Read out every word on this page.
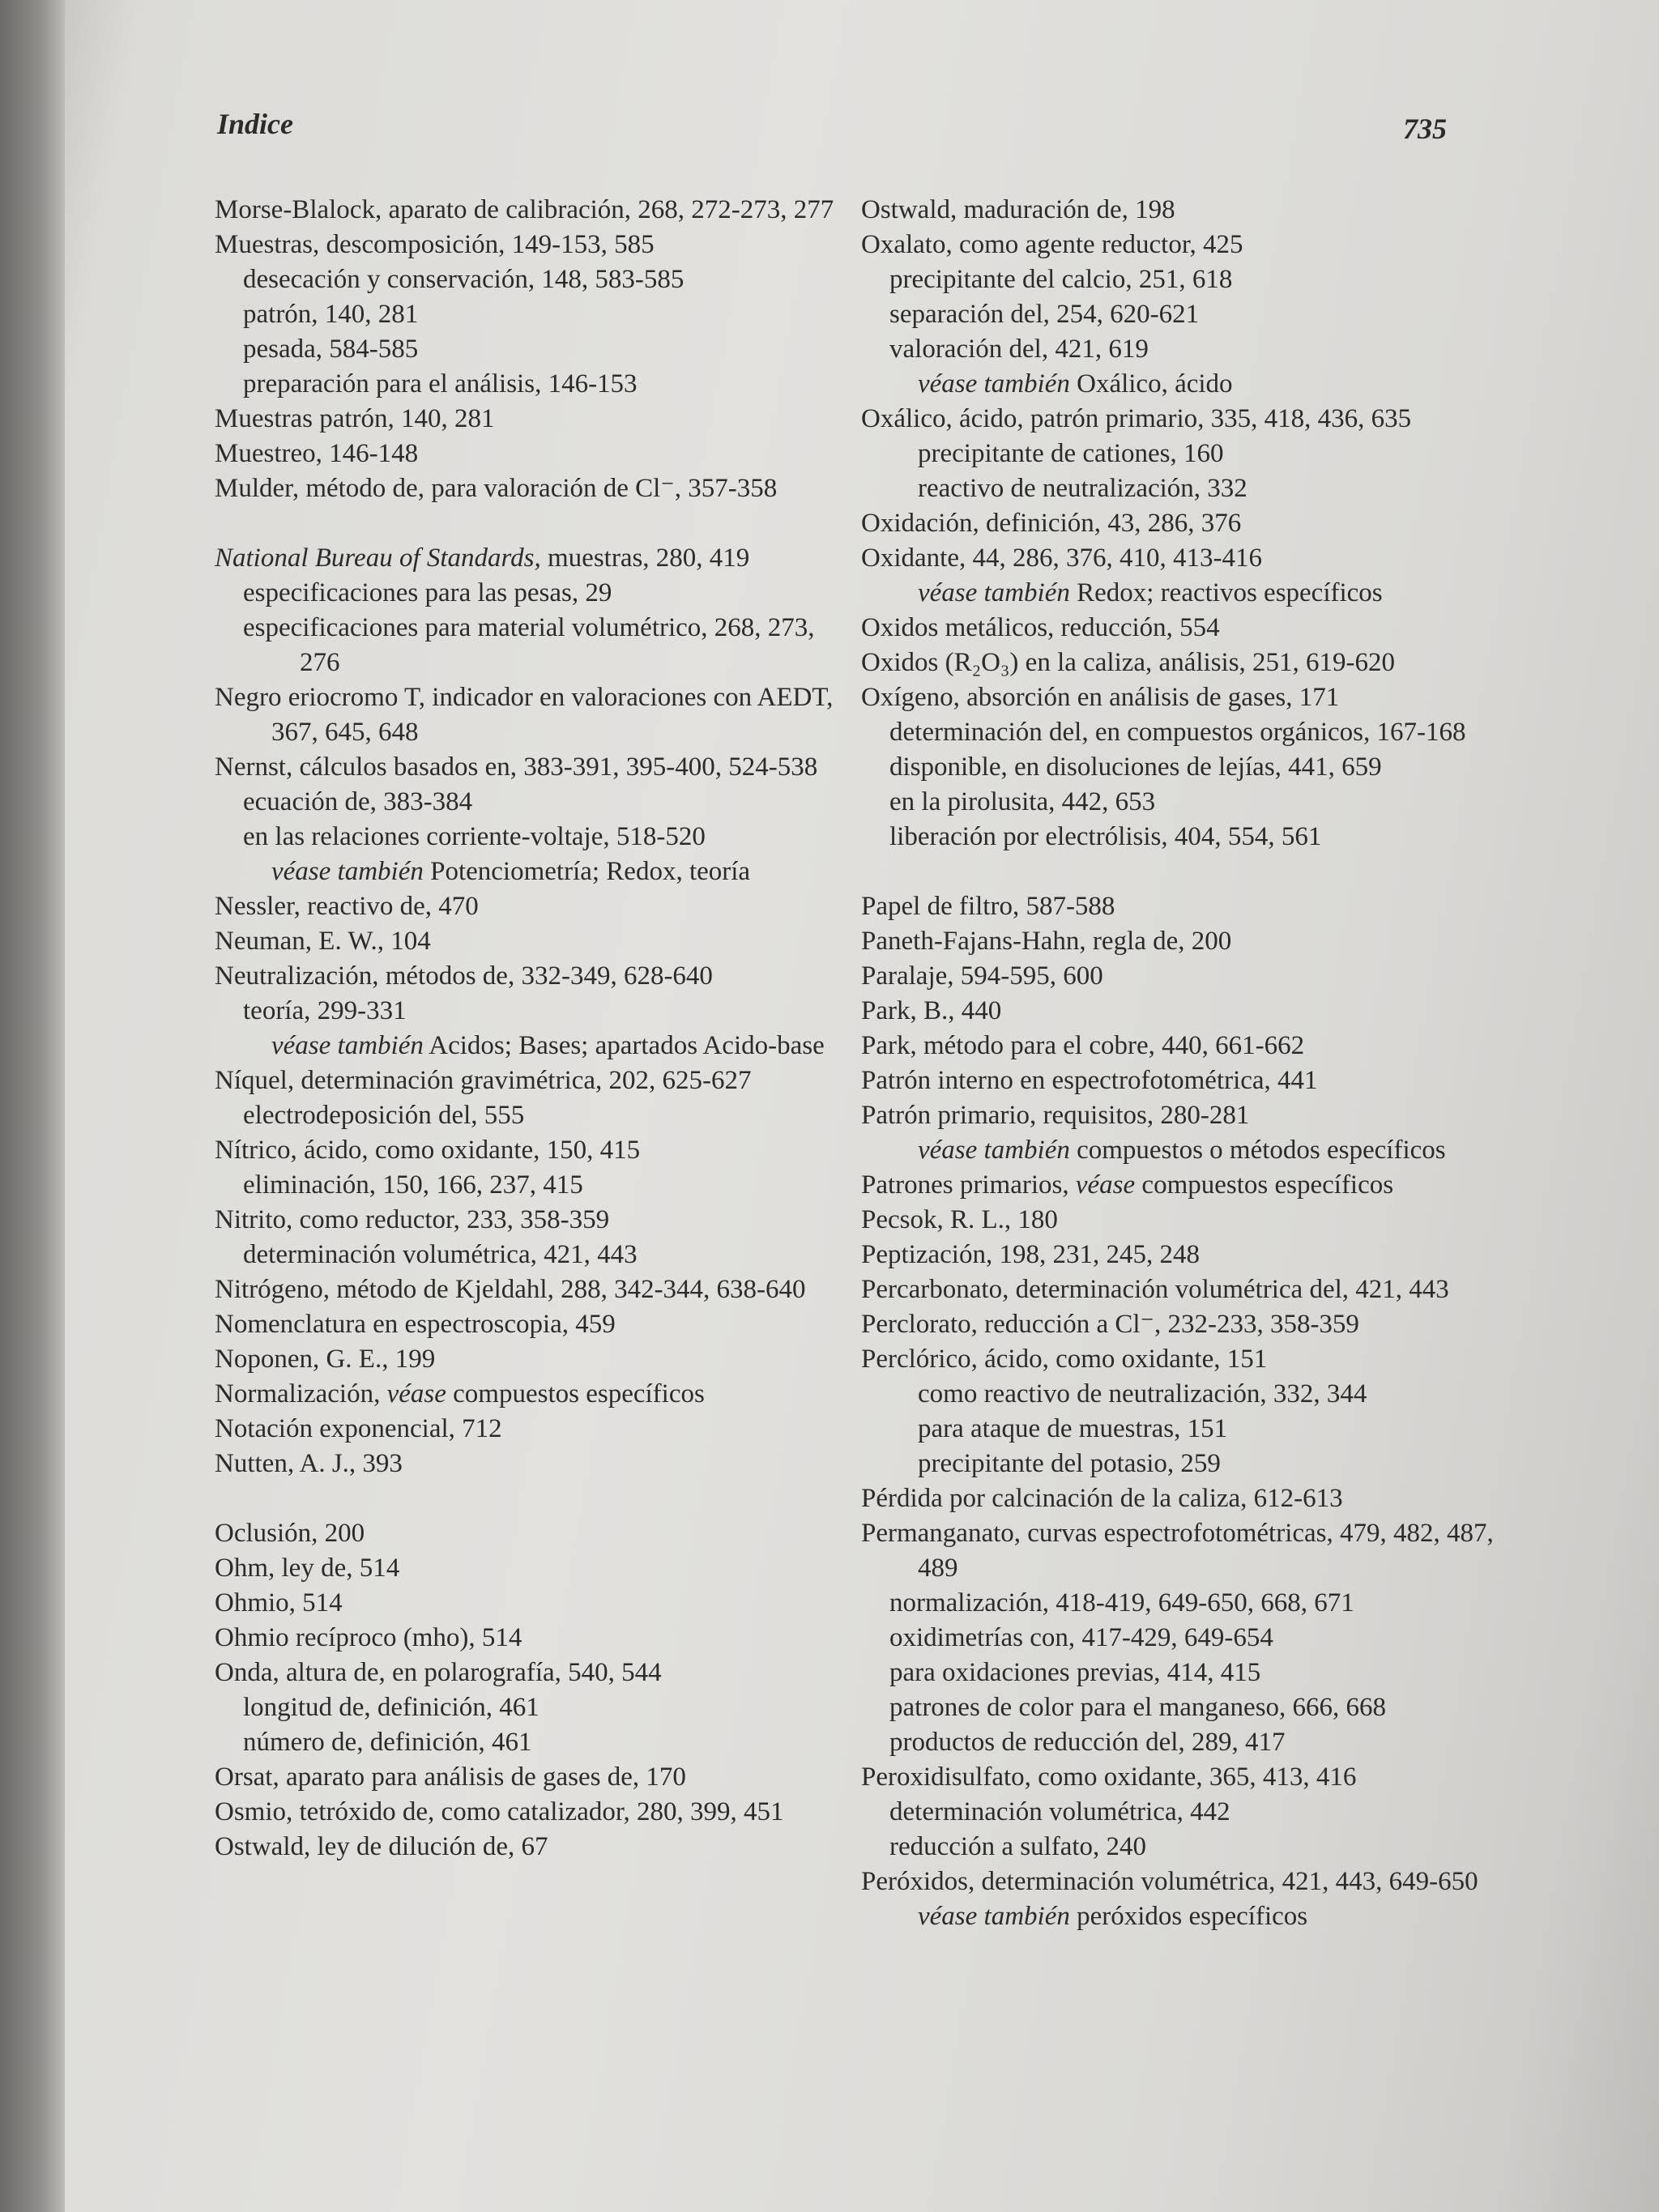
Indice	735
Morse-Blalock, aparato de calibración, 268, 272-273, 277
Muestras, descomposición, 149-153, 585
desecación y conservación, 148, 583-585
patrón, 140, 281
pesada, 584-585
preparación para el análisis, 146-153
Muestras patrón, 140, 281
Muestreo, 146-148
Mulder, método de, para valoración de Cl⁻, 357-358
National Bureau of Standards, muestras, 280, 419
especificaciones para las pesas, 29
especificaciones para material volumétrico, 268, 273, 276
Negro eriocromo T, indicador en valoraciones con AEDT, 367, 645, 648
Nernst, cálculos basados en, 383-391, 395-400, 524-538
ecuación de, 383-384
en las relaciones corriente-voltaje, 518-520
véase también Potenciometría; Redox, teoría
Nessler, reactivo de, 470
Neuman, E. W., 104
Neutralización, métodos de, 332-349, 628-640
teoría, 299-331
véase también Acidos; Bases; apartados Acido-base
Níquel, determinación gravimétrica, 202, 625-627
electrodeposición del, 555
Nítrico, ácido, como oxidante, 150, 415
eliminación, 150, 166, 237, 415
Nitrito, como reductor, 233, 358-359
determinación volumétrica, 421, 443
Nitrógeno, método de Kjeldahl, 288, 342-344, 638-640
Nomenclatura en espectroscopia, 459
Noponen, G. E., 199
Normalización, véase compuestos específicos
Notación exponencial, 712
Nutten, A. J., 393
Oclusión, 200
Ohm, ley de, 514
Ohmio, 514
Ohmio recíproco (mho), 514
Onda, altura de, en polarografía, 540, 544
longitud de, definición, 461
número de, definición, 461
Orsat, aparato para análisis de gases de, 170
Osmio, tetróxido de, como catalizador, 280, 399, 451
Ostwald, ley de dilución de, 67
Ostwald, maduración de, 198
Oxalato, como agente reductor, 425
precipitante del calcio, 251, 618
separación del, 254, 620-621
valoración del, 421, 619
véase también Oxálico, ácido
Oxálico, ácido, patrón primario, 335, 418, 436, 635
precipitante de cationes, 160
reactivo de neutralización, 332
Oxidación, definición, 43, 286, 376
Oxidante, 44, 286, 376, 410, 413-416
véase también Redox; reactivos específicos
Oxidos metálicos, reducción, 554
Oxidos (R₂O₃) en la caliza, análisis, 251, 619-620
Oxígeno, absorción en análisis de gases, 171
determinación del, en compuestos orgánicos, 167-168
disponible, en disoluciones de lejías, 441, 659
en la pirolusita, 442, 653
liberación por electrólisis, 404, 554, 561
Papel de filtro, 587-588
Paneth-Fajans-Hahn, regla de, 200
Paralaje, 594-595, 600
Park, B., 440
Park, método para el cobre, 440, 661-662
Patrón interno en espectrofotométrica, 441
Patrón primario, requisitos, 280-281
véase también compuestos o métodos específicos
Patrones primarios, véase compuestos específicos
Pecsok, R. L., 180
Peptización, 198, 231, 245, 248
Percarbonato, determinación volumétrica del, 421, 443
Perclorato, reducción a Cl⁻, 232-233, 358-359
Perclórico, ácido, como oxidante, 151
como reactivo de neutralización, 332, 344
para ataque de muestras, 151
precipitante del potasio, 259
Pérdida por calcinación de la caliza, 612-613
Permanganato, curvas espectrofotométricas, 479, 482, 487, 489
normalización, 418-419, 649-650, 668, 671
oxidimetrías con, 417-429, 649-654
para oxidaciones previas, 414, 415
patrones de color para el manganeso, 666, 668
productos de reducción del, 289, 417
Peroxidisulfato, como oxidante, 365, 413, 416
determinación volumétrica, 442
reducción a sulfato, 240
Peróxidos, determinación volumétrica, 421, 443, 649-650
véase también peróxidos específicos
